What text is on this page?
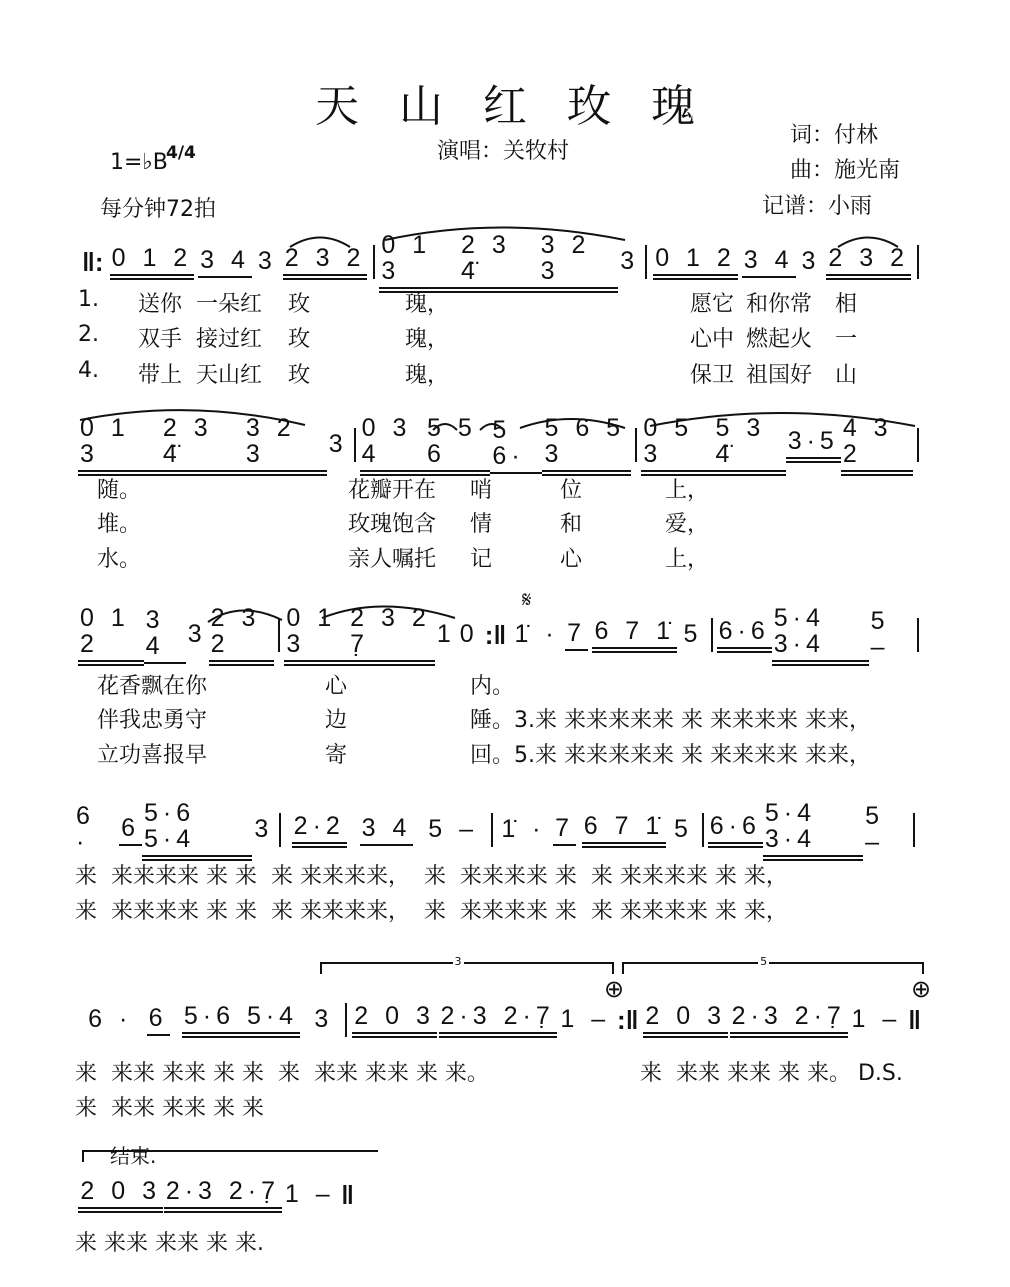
天山红玫瑰
演唱：关牧村
1=♭B
4/4
每分钟72拍
词：付林
曲：施光南
记谱：小雨
‖: 0 1 2 3 4 3 2 3 2 0 1 3
2 3 4̈
3 2 3	3 0 1 2 3 4 3 2 3 2
0 1 3
2 3 4̈
3 2 3	3
0 3 4
5 5 6
5 6·
5 6 5 3
0 5 3
5 3 4̈	3·5 4 3 2
0 1 2
3 4 3
2 3 2
0 1 3
2 3 2 7̣	1 0 :‖ 1̇ · 7 6 7 1̇ 5 6·6 5·4 3·4
5 –
6 ·	6
5·6 5·4	3 2·2 3 4 5 – 1̇ · 7 6 7 1̇ 5 6·6 5·4 3·4
5 –
6 · 6 5·6 5·4 3 2 0 3 2·3 2·7̣ 1 – :‖ 2 0 3 2·3 2·7̣ 1 – ‖
2 0 3 2·3 2·7̣ 1 – ‖
1. 送你 一朵红 玫	瑰，	愿它 和你常 相
2. 双手 接过红 玫	瑰，	心中 燃起火 一
4. 带上 天山红 玫	瑰，	保卫 祖国好 山
随。	花瓣开在 哨	位	上，
堆。	玫瑰饱含 情	和	爱，
水。	亲人嘱托 记	心	上，
花香飘在你	心	内。
伴我忠勇守	边	陲。3.来 来来来来来 来 来来来来 来来，
立功喜报早	寄	回。5.来 来来来来来 来 来来来来 来来，
来  来来来来 来 来  来 来来来来，  来  来来来来 来  来 来来来来 来 来，
来  来来来来 来 来  来 来来来来，  来  来来来来 来  来 来来来来 来 来，
来  来来 来来 来 来  来  来来 来来 来 来。	来  来来 来来 来 来。 D.S.
来  来来 来来 来 来
来 来来 来来 来 来.
3	5
𝄋
⊕	⊕
结束.
